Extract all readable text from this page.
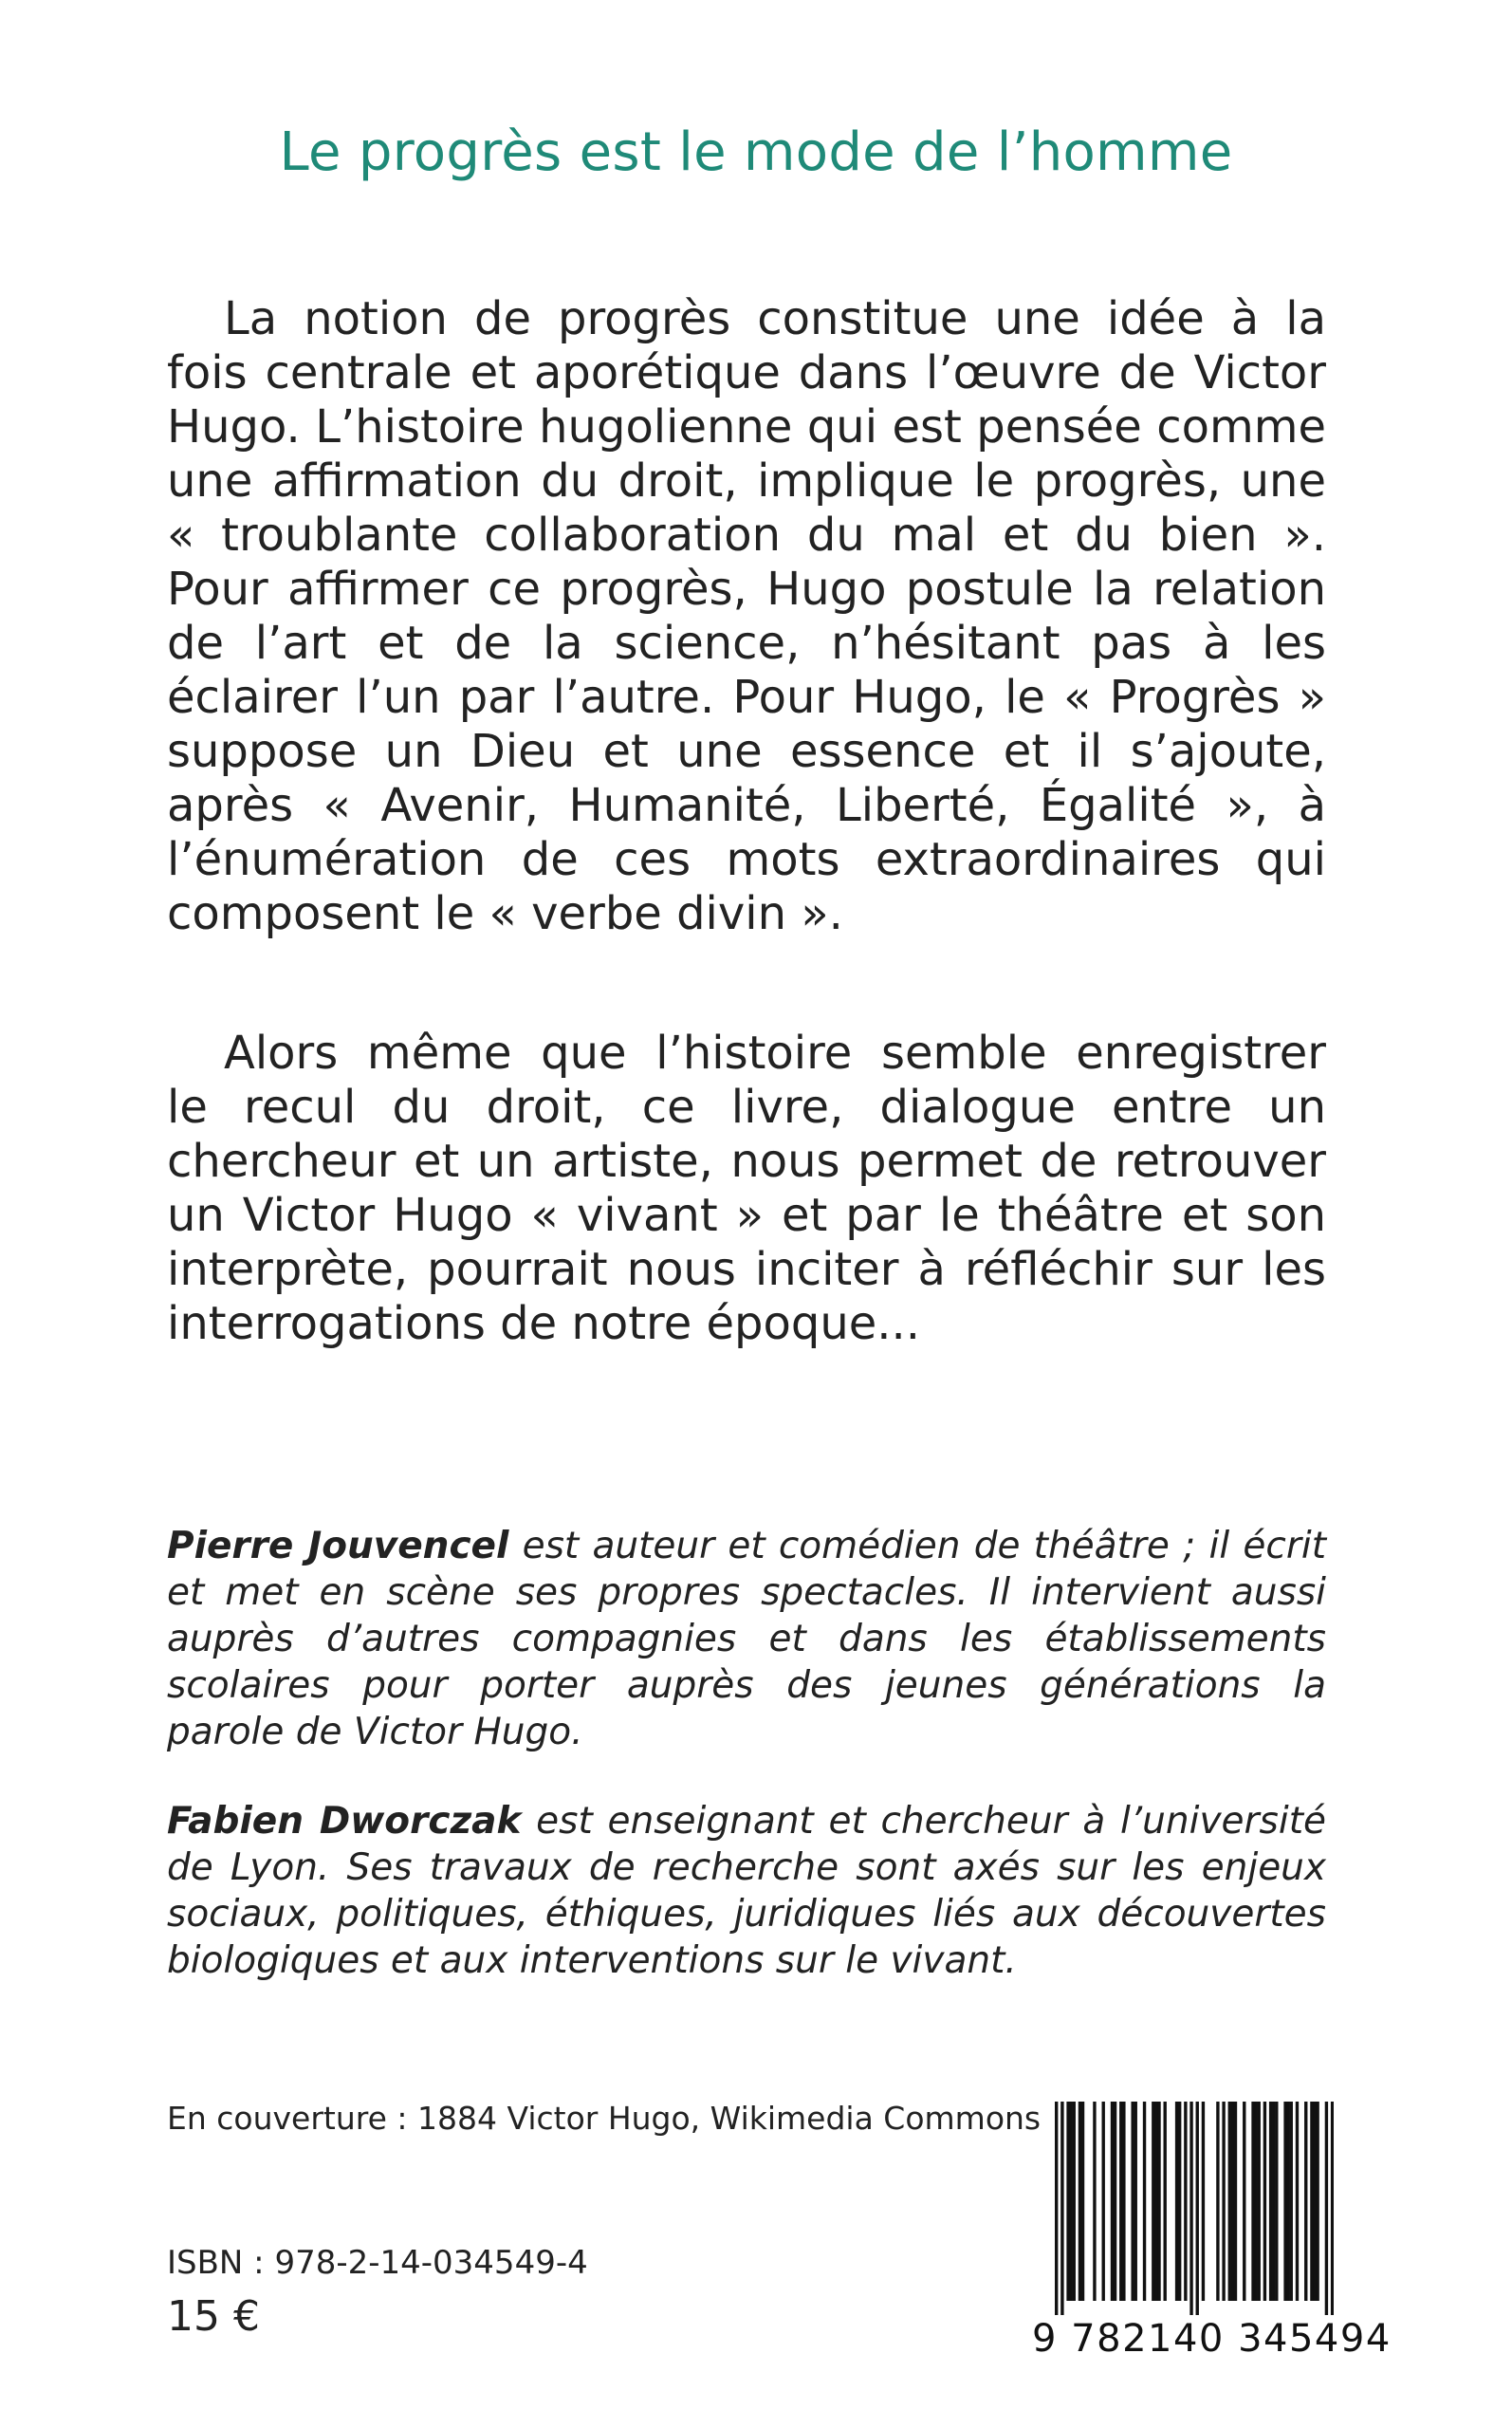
Le progrès est le mode de l’homme
La notion de progrès constitue une idée à la
fois centrale et aporétique dans l’œuvre de Victor
Hugo. L’histoire hugolienne qui est pensée comme
une affirmation du droit, implique le progrès, une
« troublante collaboration du mal et du bien ».
Pour affirmer ce progrès, Hugo postule la relation
de l’art et de la science, n’hésitant pas à les
éclairer l’un par l’autre. Pour Hugo, le « Progrès »
suppose un Dieu et une essence et il s’ajoute,
après « Avenir, Humanité, Liberté, Égalité », à
l’énumération de ces mots extraordinaires qui
composent le « verbe divin ».
Alors même que l’histoire semble enregistrer
le recul du droit, ce livre, dialogue entre un
chercheur et un artiste, nous permet de retrouver
un Victor Hugo « vivant » et par le théâtre et son
interprète, pourrait nous inciter à réfléchir sur les
interrogations de notre époque...
Pierre Jouvencel est auteur et comédien de théâtre ; il écrit
et met en scène ses propres spectacles. Il intervient aussi
auprès d’autres compagnies et dans les établissements
scolaires pour porter auprès des jeunes générations la
parole de Victor Hugo.
Fabien Dworczak est enseignant et chercheur à l’université
de Lyon. Ses travaux de recherche sont axés sur les enjeux
sociaux, politiques, éthiques, juridiques liés aux découvertes
biologiques et aux interventions sur le vivant.

En couverture : 1884 Victor Hugo, Wikimedia Commons

ISBN : 978-2-14-034549-4

15 €	9 782140 345494
